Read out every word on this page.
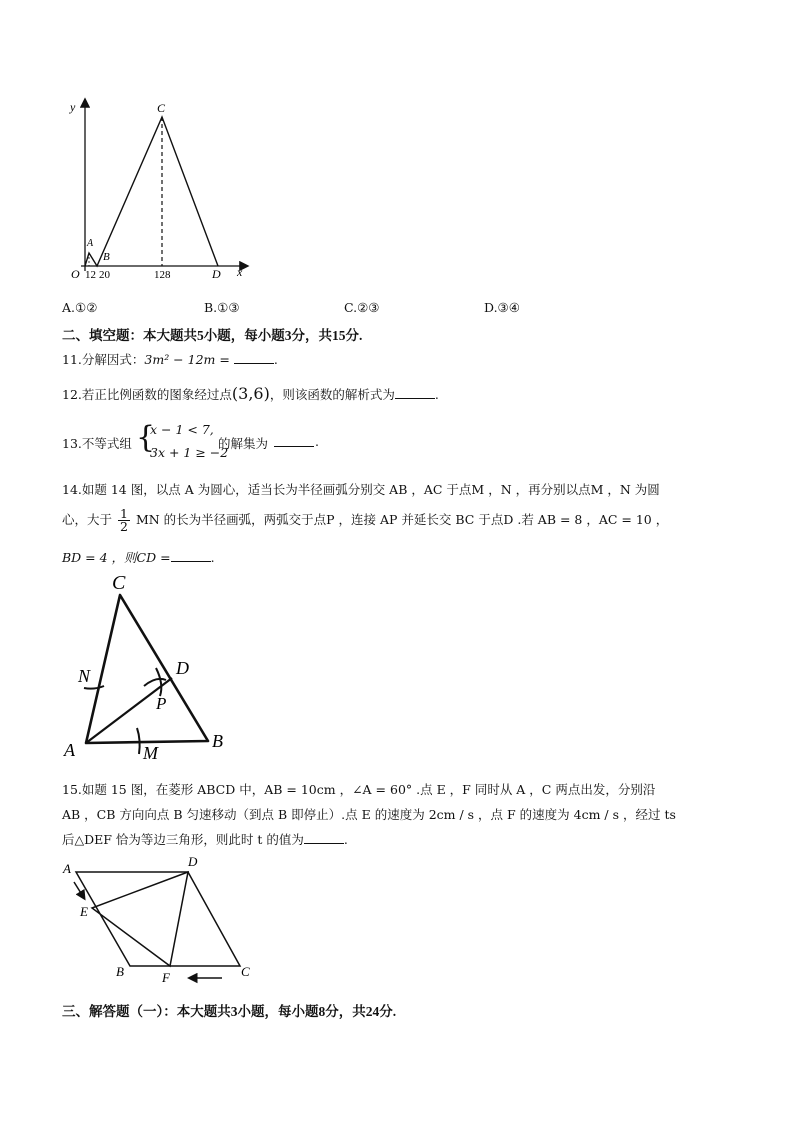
y
x
O
C
A
B
D
12 20	128
A.①②	B.①③	C.②③	D.③④
二、填空题：本大题共5小题，每小题3分，共15分.
11.分解因式：3m² − 12m =	.
12.若正比例函数的图象经过点(3,6)，则该函数的解析式为	.
13.不等式组 {
x − 1 < 7,
3x + 1 ≥ −2
的解集为	.
14.如题 14 图，以点 A 为圆心，适当长为半径画弧分别交 AB ，AC 于点M ，N ，再分别以点M ，N 为圆
心，大于 $\frac{1}{2}$ MN 的长为半径画弧，两弧交于点P ，连接 AP 并延长交 BC 于点D .若 AB = 8 ，AC = 10 ，
BD = 4 ，则CD =	.
C
N	D
P
A	M
B
15.如题 15 图，在菱形 ABCD 中，AB = 10cm ，∠A = 60° .点 E ，F 同时从 A ，C 两点出发，分别沿
AB ，CB 方向向点 B 匀速移动（到点 B 即停止）.点 E 的速度为 2cm / s ，点 F 的速度为 4cm / s ，经过 ts
后△DEF 恰为等边三角形，则此时 t 的值为	.
A	D
E
B	F	C
三、解答题（一）：本大题共3小题，每小题8分，共24分.
